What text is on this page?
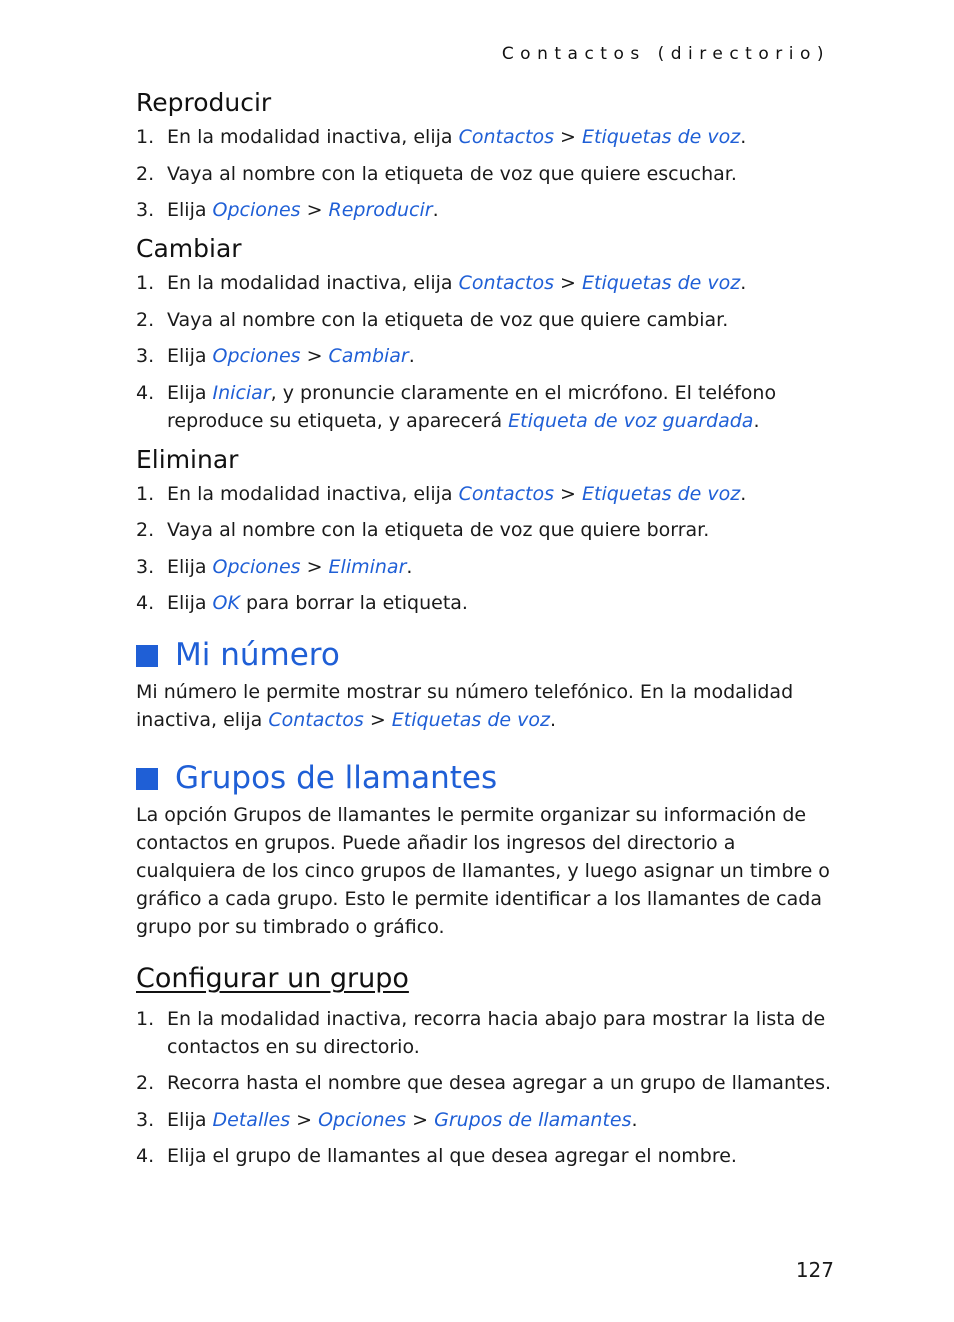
Contactos (directorio)
Reproducir
1. En la modalidad inactiva, elija Contactos > Etiquetas de voz.
2. Vaya al nombre con la etiqueta de voz que quiere escuchar.
3. Elija Opciones > Reproducir.
Cambiar
1. En la modalidad inactiva, elija Contactos > Etiquetas de voz.
2. Vaya al nombre con la etiqueta de voz que quiere cambiar.
3. Elija Opciones > Cambiar.
4. Elija Iniciar, y pronuncie claramente en el micrófono. El teléfono reproduce su etiqueta, y aparecerá Etiqueta de voz guardada.
Eliminar
1. En la modalidad inactiva, elija Contactos > Etiquetas de voz.
2. Vaya al nombre con la etiqueta de voz que quiere borrar.
3. Elija Opciones > Eliminar.
4. Elija OK para borrar la etiqueta.
Mi número

Mi número le permite mostrar su número telefónico. En la modalidad inactiva, elija Contactos > Etiquetas de voz.

Grupos de llamantes

La opción Grupos de llamantes le permite organizar su información de contactos en grupos. Puede añadir los ingresos del directorio a cualquiera de los cinco grupos de llamantes, y luego asignar un timbre o gráfico a cada grupo. Esto le permite identificar a los llamantes de cada grupo por su timbrado o gráfico.

Configurar un grupo
1. En la modalidad inactiva, recorra hacia abajo para mostrar la lista de contactos en su directorio.
2. Recorra hasta el nombre que desea agregar a un grupo de llamantes.
3. Elija Detalles > Opciones > Grupos de llamantes.
4. Elija el grupo de llamantes al que desea agregar el nombre.
127
